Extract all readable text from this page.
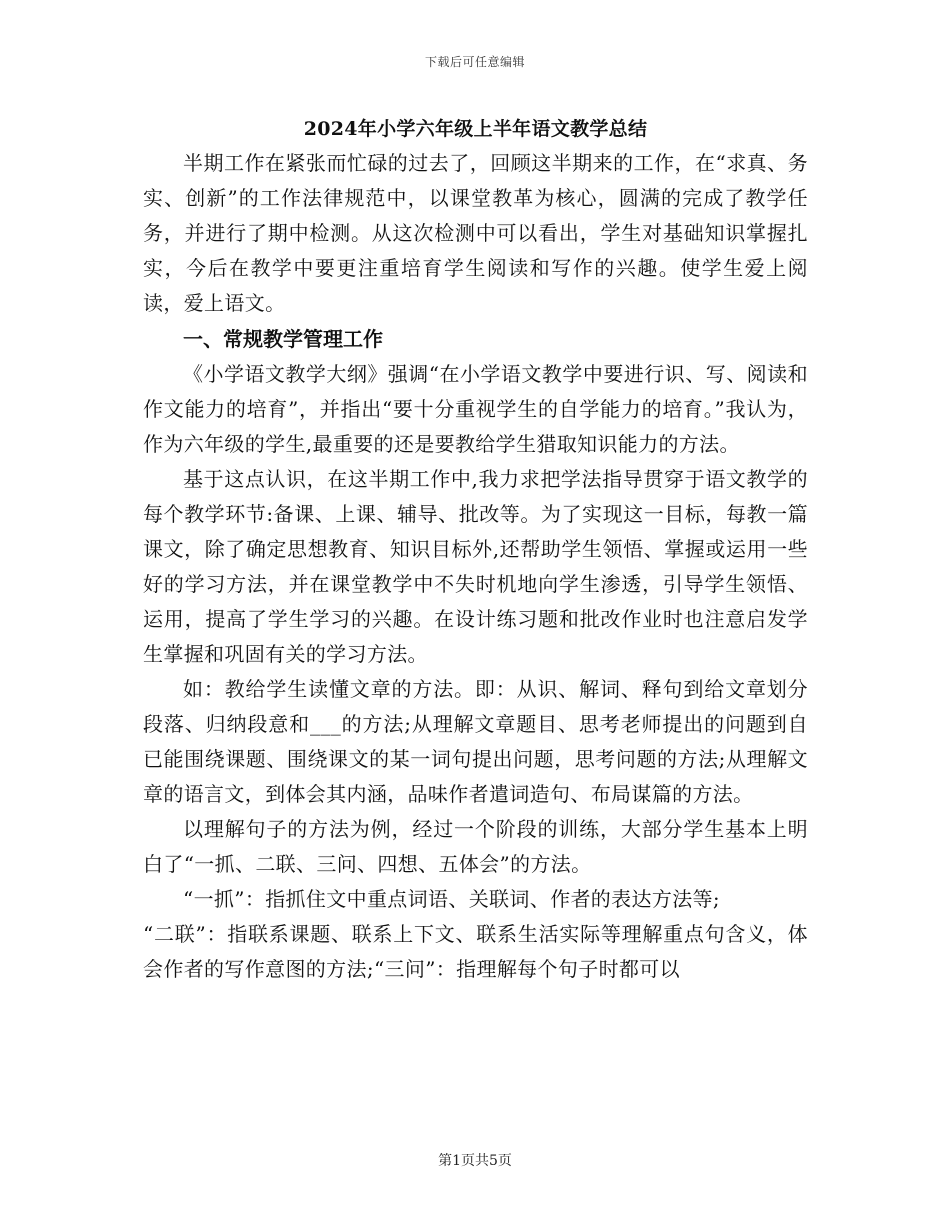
下载后可任意编辑
2024年小学六年级上半年语文教学总结

半期工作在紧张而忙碌的过去了，回顾这半期来的工作，在“求真、务实、创新”的工作法律规范中，以课堂教革为核心，圆满的完成了教学任务，并进行了期中检测。从这次检测中可以看出，学生对基础知识掌握扎实，今后在教学中要更注重培育学生阅读和写作的兴趣。使学生爱上阅读，爱上语文。

一、常规教学管理工作

《小学语文教学大纲》强调“在小学语文教学中要进行识、写、阅读和作文能力的培育”，并指出“要十分重视学生的自学能力的培育。”我认为，作为六年级的学生,最重要的还是要教给学生猎取知识能力的方法。

基于这点认识，在这半期工作中,我力求把学法指导贯穿于语文教学的每个教学环节:备课、上课、辅导、批改等。为了实现这一目标，每教一篇课文，除了确定思想教育、知识目标外,还帮助学生领悟、掌握或运用一些好的学习方法，并在课堂教学中不失时机地向学生渗透，引导学生领悟、运用，提高了学生学习的兴趣。在设计练习题和批改作业时也注意启发学生掌握和巩固有关的学习方法。

如：教给学生读懂文章的方法。即：从识、解词、释句到给文章划分段落、归纳段意和___的方法;从理解文章题目、思考老师提出的问题到自已能围绕课题、围绕课文的某一词句提出问题，思考问题的方法;从理解文章的语言文，到体会其内涵，品味作者遣词造句、布局谋篇的方法。

以理解句子的方法为例，经过一个阶段的训练，大部分学生基本上明白了“一抓、二联、三问、四想、五体会”的方法。

“一抓”：指抓住文中重点词语、关联词、作者的表达方法等;

“二联”：指联系课题、联系上下文、联系生活实际等理解重点句含义，体会作者的写作意图的方法;“三问”：指理解每个句子时都可以

第1页共5页
